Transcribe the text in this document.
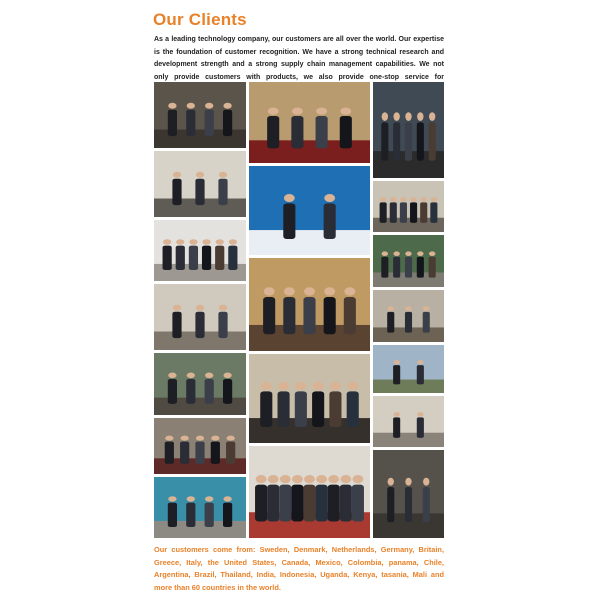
Our Clients
As a leading technology company, our customers are all over the world. Our expertise is the foundation of customer recognition. We have a strong technical research and development strength and a strong supply chain management capabilities. We not only provide customers with products, we also provide one-stop service for
Our customers come from: Sweden, Denmark, Netherlands, Germany, Britain, Greece, Italy, the United States, Canada, Mexico, Colombia, panama, Chile, Argentina, Brazil, Thailand, India, Indonesia, Uganda, Kenya, tasania, Mali and more than 60 countries in the world.
